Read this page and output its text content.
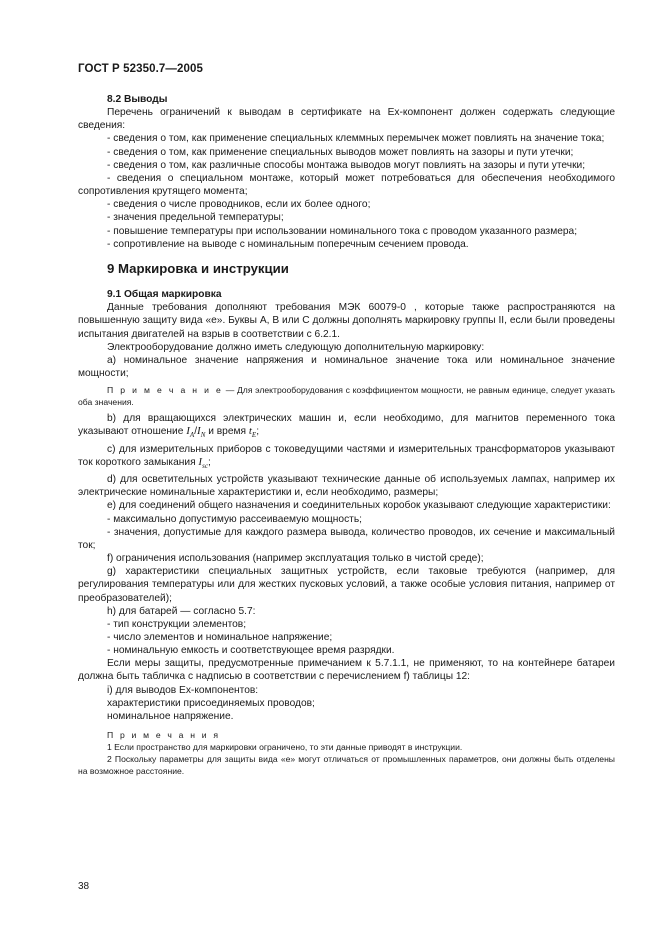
ГОСТ Р 52350.7—2005

8.2 Выводы

Перечень ограничений к выводам в сертификате на Ex-компонент должен содержать следующие сведения:

- сведения о том, как применение специальных клеммных перемычек может повлиять на значение тока;

- сведения о том, как применение специальных выводов может повлиять на зазоры и пути утечки;

- сведения о том, как различные способы монтажа выводов могут повлиять на зазоры и пути утечки;

- сведения о специальном монтаже, который может потребоваться для обеспечения необходимого сопротивления крутящего момента;

- сведения о числе проводников, если их более одного;

- значения предельной температуры;

- повышение температуры при использовании номинального тока с проводом указанного размера;

- сопротивление на выводе с номинальным поперечным сечением провода.

9 Маркировка и инструкции

9.1 Общая маркировка

Данные требования дополняют требования МЭК 60079-0 , которые также распространяются на повышенную защиту вида «е». Буквы А, В или С должны дополнять маркировку группы II, если были проведены испытания двигателей на взрыв в соответствии с 6.2.1.

Электрооборудование должно иметь следующую дополнительную маркировку:

а) номинальное значение напряжения и номинальное значение тока или номинальное значение мощности;

П р и м е ч а н и е — Для электрооборудования с коэффициентом мощности, не равным единице, следует указать оба значения.

b) для вращающихся электрических машин и, если необходимо, для магнитов переменного тока указывают отношение $I_A/I_N$ и время $t_E$;

с) для измерительных приборов с токоведущими частями и измерительных трансформаторов указывают ток короткого замыкания $I_{sc}$;

d) для осветительных устройств указывают технические данные об используемых лампах, например их электрические номинальные характеристики и, если необходимо, размеры;

е) для соединений общего назначения и соединительных коробок указывают следующие характеристики:

- максимально допустимую рассеиваемую мощность;

- значения, допустимые для каждого размера вывода, количество проводов, их сечение и максимальный ток;

f) ограничения использования (например эксплуатация только в чистой среде);

g) характеристики специальных защитных устройств, если таковые требуются (например, для регулирования температуры или для жестких пусковых условий, а также особые условия питания, например от преобразователей);

h) для батарей — согласно 5.7:

- тип конструкции элементов;

- число элементов и номинальное напряжение;

- номинальную емкость и соответствующее время разрядки.

Если меры защиты, предусмотренные примечанием к 5.7.1.1, не применяют, то на контейнере батареи должна быть табличка с надписью в соответствии с перечислением f) таблицы 12:

i) для выводов Ex-компонентов:

характеристики присоединяемых проводов;

номинальное напряжение.

П р и м е ч а н и я

1 Если пространство для маркировки ограничено, то эти данные приводят в инструкции.

2 Поскольку параметры для защиты вида «е» могут отличаться от промышленных параметров, они должны быть отделены на возможное расстояние.

38
